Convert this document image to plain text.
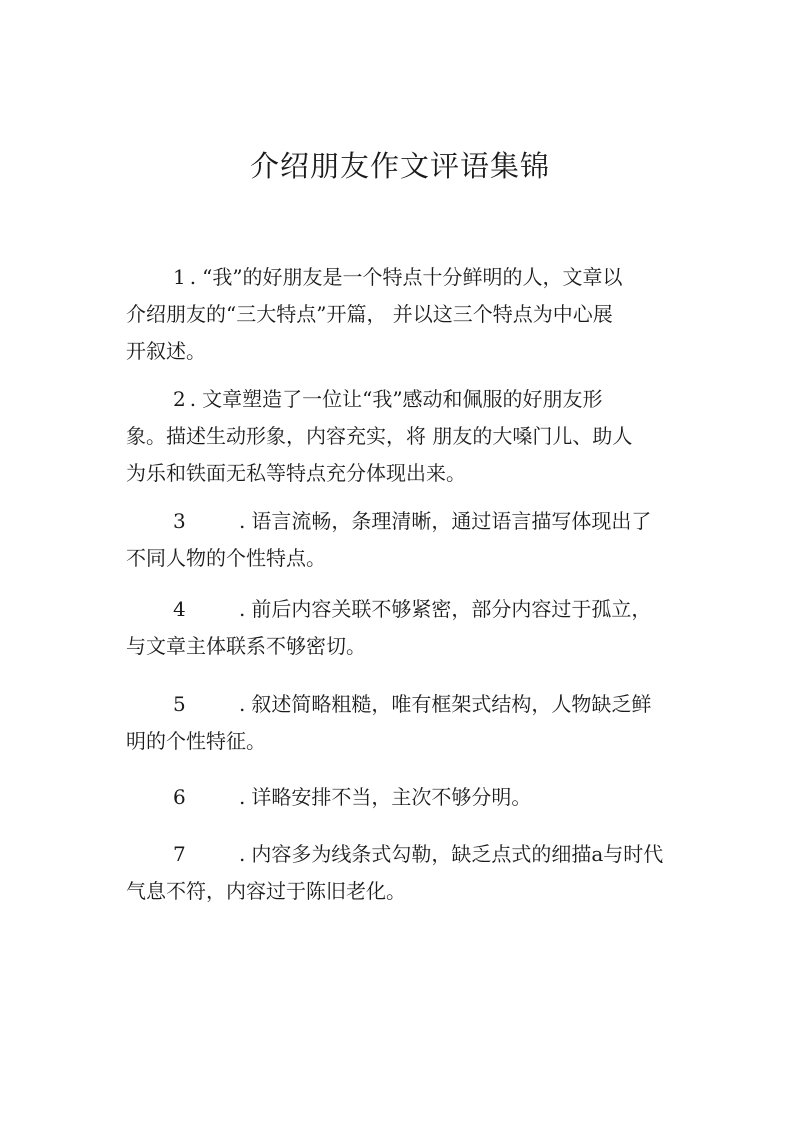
介绍朋友作文评语集锦
1 . “我”的好朋友是一个特点十分鲜明的人，文章以
介绍朋友的“三大特点”开篇， 并以这三个特点为中心展
开叙述。
2 . 文章塑造了一位让“我”感动和佩服的好朋友形
象。描述生动形象，内容充实，将 朋友的大嗓门儿、助人
为乐和铁面无私等特点充分体现出来。
3	. 语言流畅，条理清晰，通过语言描写体现出了
不同人物的个性特点。
4	. 前后内容关联不够紧密，部分内容过于孤立，
与文章主体联系不够密切。
5	. 叙述简略粗糙，唯有框架式结构，人物缺乏鲜
明的个性特征。
6	. 详略安排不当，主次不够分明。
7	. 内容多为线条式勾勒，缺乏点式的细描a与时代
气息不符，内容过于陈旧老化。
